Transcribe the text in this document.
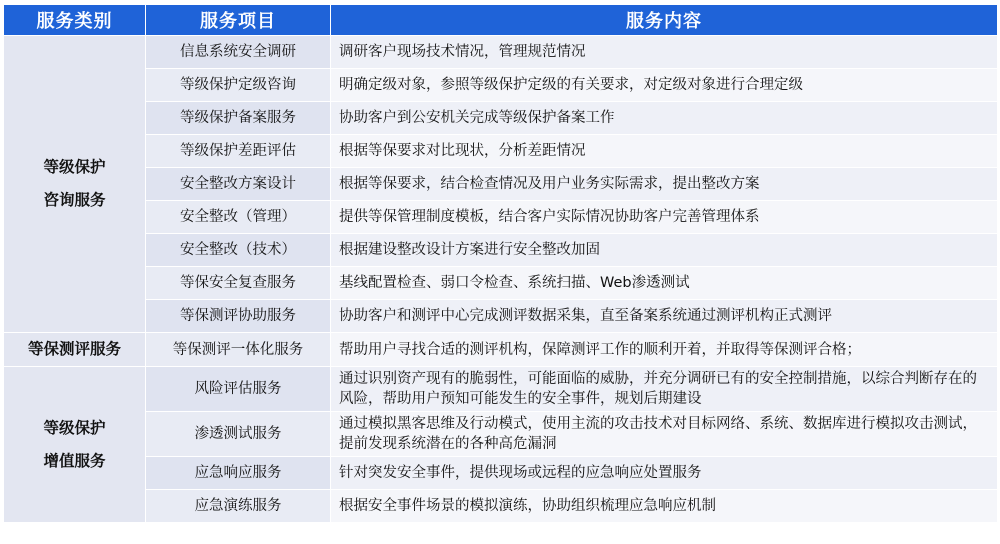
服务类别	服务项目	服务内容

等级保护
咨询服务	信息系统安全调研	调研客户现场技术情况，管理规范情况
	等级保护定级咨询	明确定级对象，参照等级保护定级的有关要求，对定级对象进行合理定级
	等级保护备案服务	协助客户到公安机关完成等级保护备案工作
	等级保护差距评估	根据等保要求对比现状，分析差距情况
	安全整改方案设计	根据等保要求，结合检查情况及用户业务实际需求，提出整改方案
	安全整改（管理）	提供等保管理制度模板，结合客户实际情况协助客户完善管理体系
	安全整改（技术）	根据建设整改设计方案进行安全整改加固
	等保安全复查服务	基线配置检查、弱口令检查、系统扫描、Web渗透测试
	等保测评协助服务	协助客户和测评中心完成测评数据采集，直至备案系统通过测评机构正式测评

等保测评服务	等保测评一体化服务	帮助用户寻找合适的测评机构，保障测评工作的顺利开着，并取得等保测评合格；

等级保护
增值服务	风险评估服务	通过识别资产现有的脆弱性，可能面临的威胁，并充分调研已有的安全控制措施，以综合判断存在的风险，帮助用户预知可能发生的安全事件，规划后期建设
	渗透测试服务	通过模拟黑客思维及行动模式，使用主流的攻击技术对目标网络、系统、数据库进行模拟攻击测试，提前发现系统潜在的各种高危漏洞
	应急响应服务	针对突发安全事件，提供现场或远程的应急响应处置服务
	应急演练服务	根据安全事件场景的模拟演练，协助组织梳理应急响应机制
